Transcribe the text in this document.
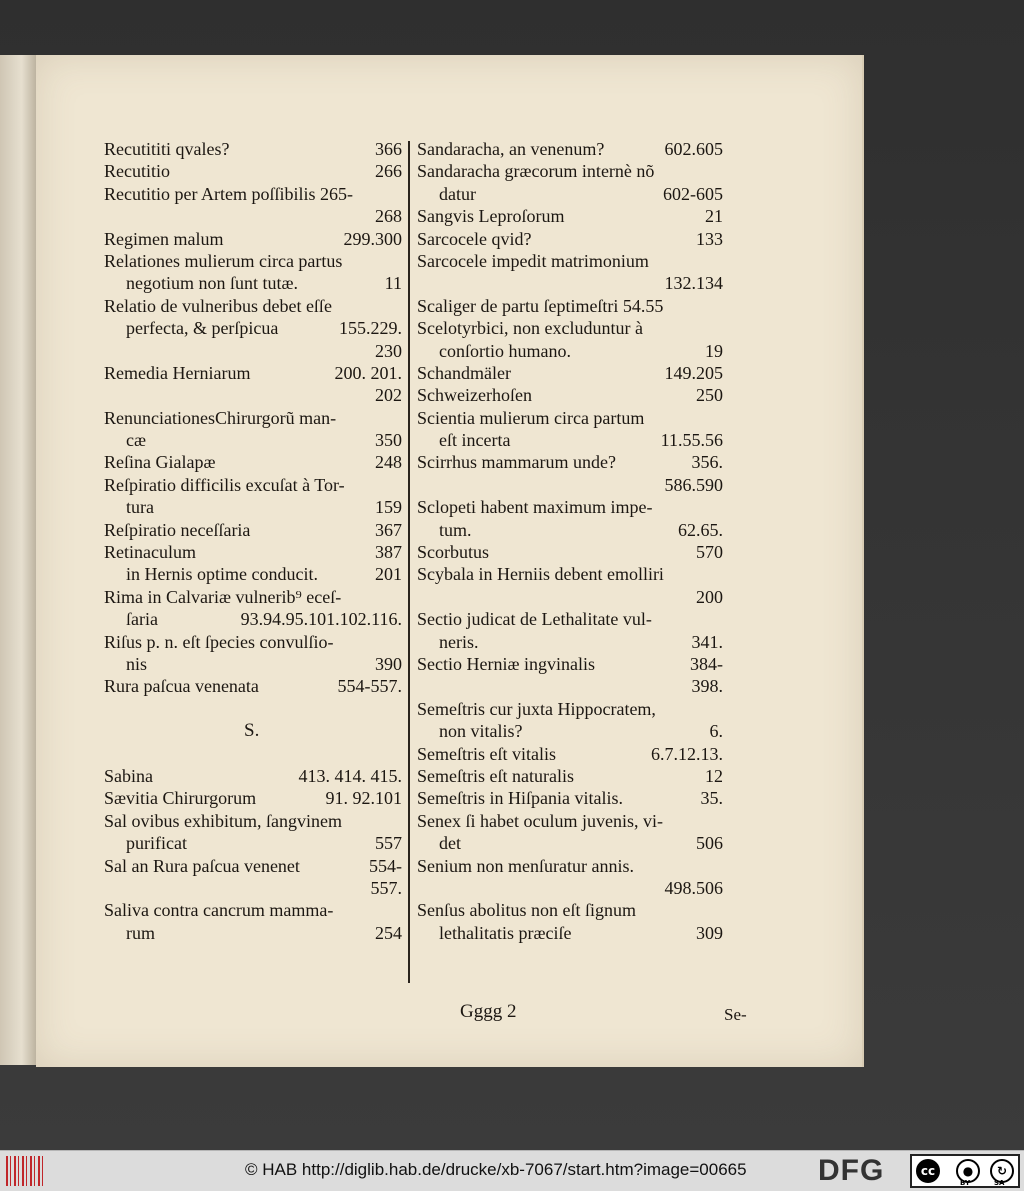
Recutititi qvales?	366
Recutitio	266
Recutitio per Artem poſſibilis 265-
268
Regimen malum	299.300
Relationes mulierum circa partus
negotium non ſunt tutæ.	11
Relatio de vulneribus debet eſſe
perfecta, & perſpicua	155.229.
230
Remedia Herniarum	200. 201.
202
RenunciationesChirurgorũ man-
cæ	350
Reſina Gialapæ	248
Reſpiratio difficilis excuſat à Tor-
tura	159
Reſpiratio neceſſaria	367
Retinaculum	387
in Hernis optime conducit.	201
Rima in Calvariæ vulnerib⁹ eceſ-
ſaria	93.94.95.101.102.116.
Riſus p. n. eſt ſpecies convulſio-
nis	390
Rura paſcua venenata	554-557.
S.
Sabina	413. 414. 415.
Sævitia Chirurgorum	91. 92.101
Sal ovibus exhibitum, ſangvinem
purificat	557
Sal an Rura paſcua venenet	554-
557.
Saliva contra cancrum mamma-
rum	254
Sandaracha, an venenum?	602.605
Sandaracha græcorum internè nõ
datur	602-605
Sangvis Leproſorum	21
Sarcocele qvid?	133
Sarcocele impedit matrimonium
132.134
Scaliger de partu ſeptimeſtri 54.55
Scelotyrbici, non excluduntur à
conſortio humano.	19
Schandmäler	149.205
Schweizerhoſen	250
Scientia mulierum circa partum
eſt incerta	11.55.56
Scirrhus mammarum unde?	356.
586.590
Sclopeti habent maximum impe-
tum.	62.65.
Scorbutus	570
Scybala in Herniis debent emolliri
200
Sectio judicat de Lethalitate vul-
neris.	341.
Sectio Herniæ ingvinalis	384-
398.
Semeſtris cur juxta Hippocratem,
non vitalis?	6.
Semeſtris eſt vitalis	6.7.12.13.
Semeſtris eſt naturalis	12
Semeſtris in Hiſpania vitalis.	35.
Senex ſi habet oculum juvenis, vi-
det	506
Senium non menſuratur annis.
498.506
Senſus abolitus non eſt ſignum
lethalitatis præciſe	309
Gggg 2	Se-
© HAB http://diglib.hab.de/drucke/xb-7067/start.htm?image=00665 DFG	cc	●	↻
BY	SA
